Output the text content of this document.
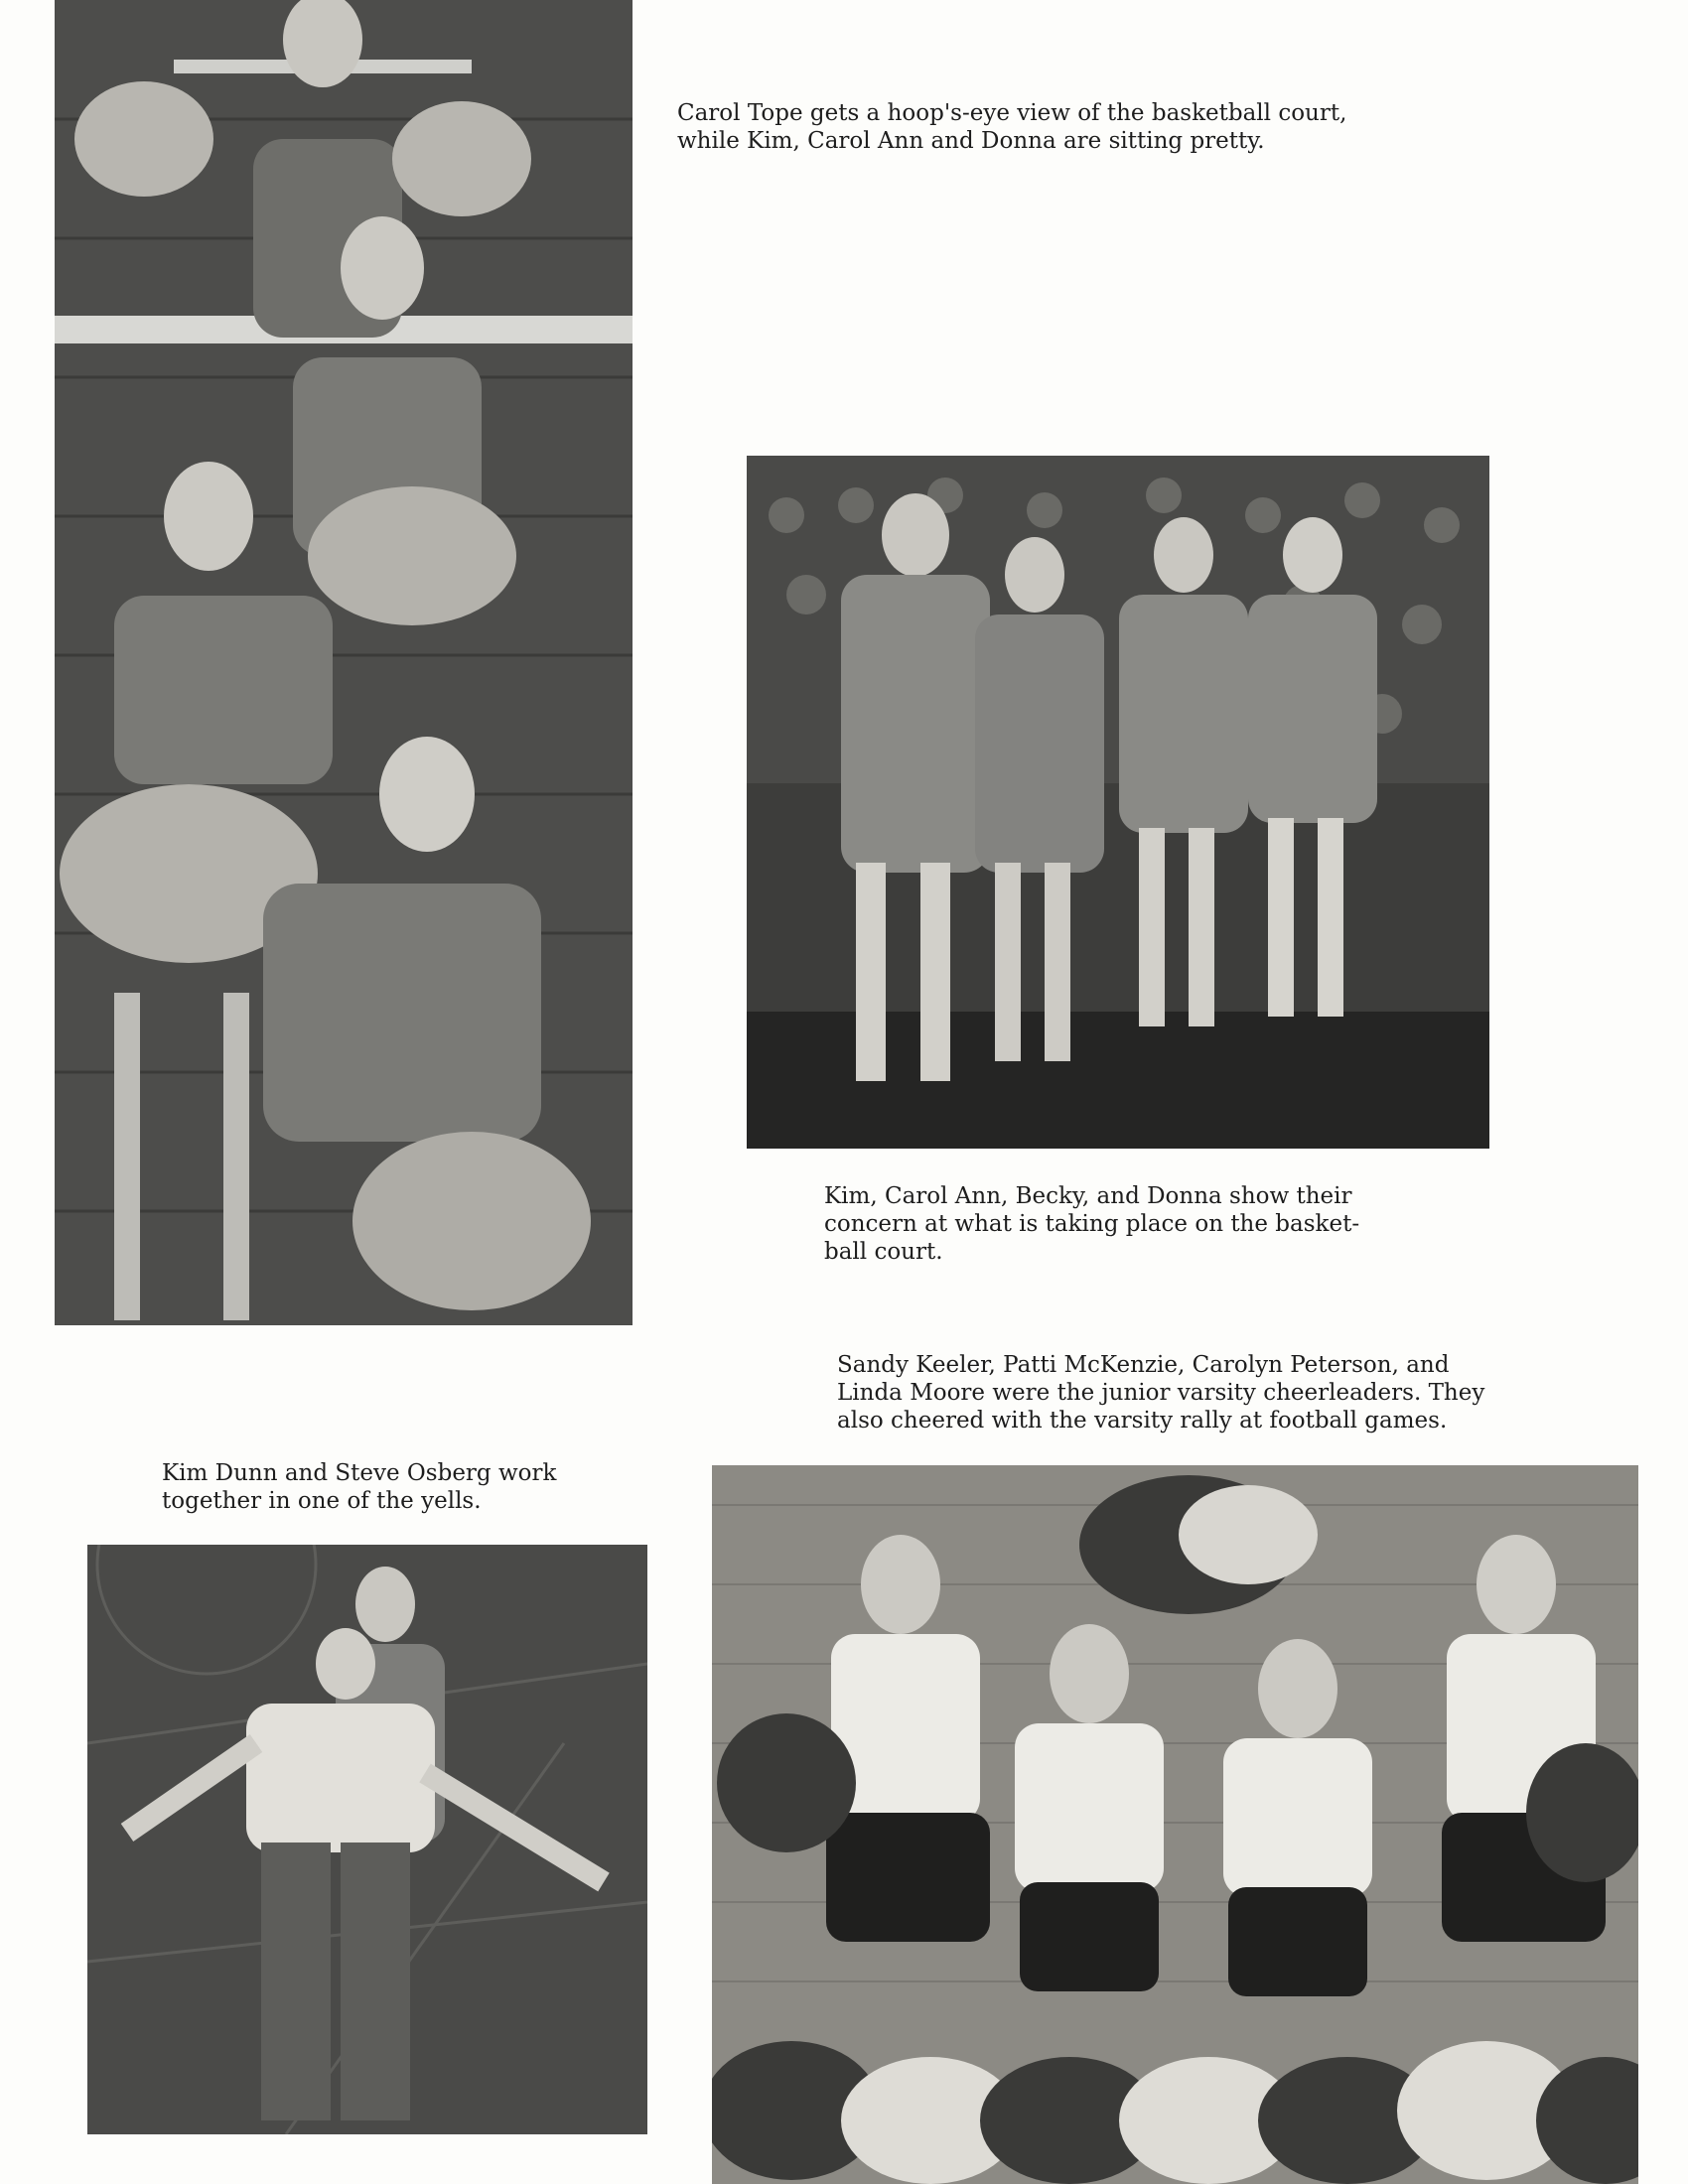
Carol Tope gets a hoop's-eye view of the basketball court,
while Kim, Carol Ann and Donna are sitting pretty.
Kim, Carol Ann, Becky, and Donna show their
concern at what is taking place on the basket-
ball court.
Sandy Keeler, Patti McKenzie, Carolyn Peterson, and
Linda Moore were the junior varsity cheerleaders. They
also cheered with the varsity rally at football games.
Kim Dunn and Steve Osberg work
together in one of the yells.
